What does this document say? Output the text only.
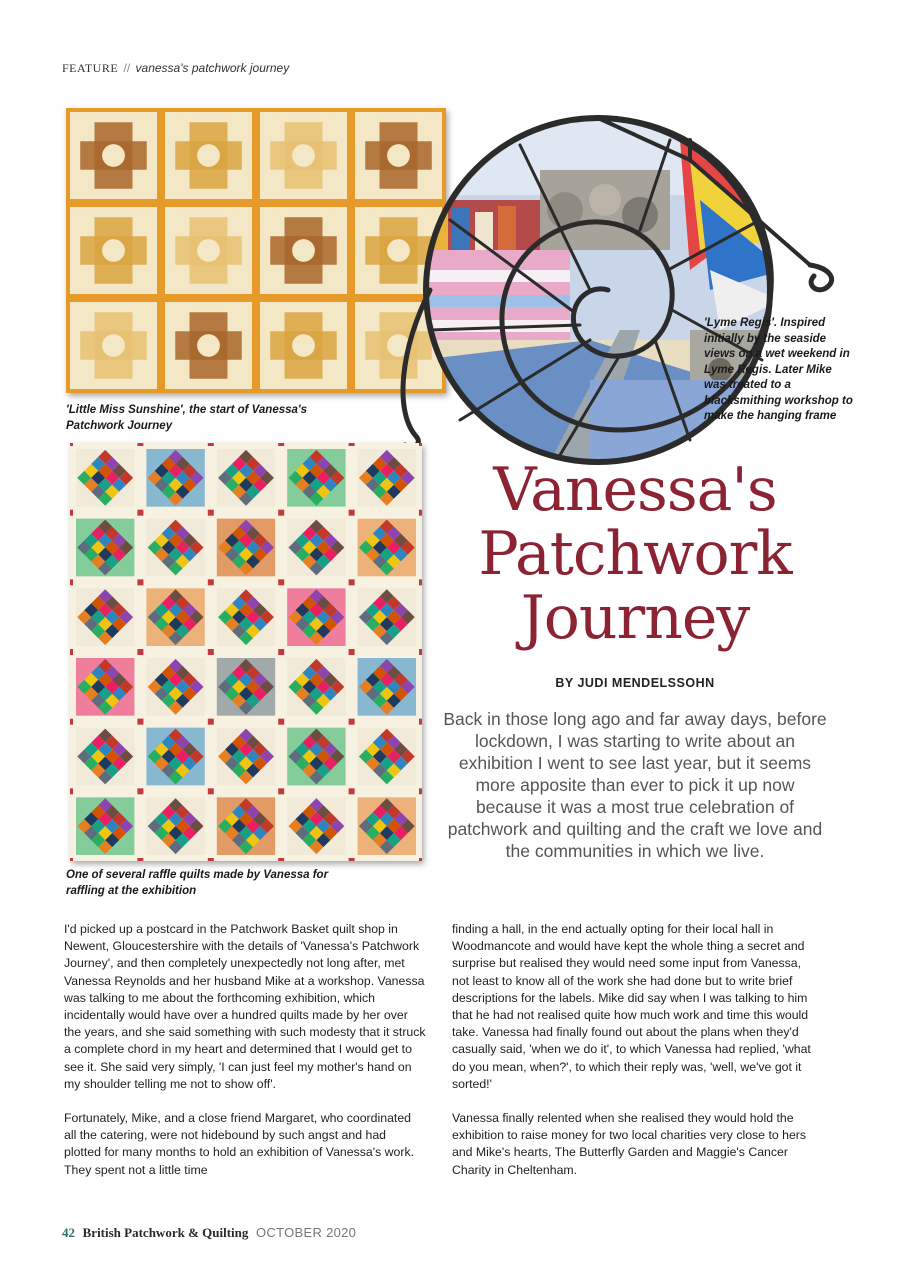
FEATURE // vanessa's patchwork journey
'Little Miss Sunshine', the start of Vanessa's Patchwork Journey
'Lyme Regis'. Inspired initially by the seaside views on a wet weekend in Lyme Regis. Later Mike was treated to a blacksmithing workshop to make the hanging frame
One of several raffle quilts made by Vanessa for raffling at the exhibition
Vanessa's
Patchwork
Journey
BY JUDI MENDELSSOHN
Back in those long ago and far away days, before lockdown, I was starting to write about an exhibition I went to see last year, but it seems more apposite than ever to pick it up now because it was a most true celebration of patchwork and quilting and the craft we love and the communities in which we live.

I'd picked up a postcard in the Patchwork Basket quilt shop in Newent, Gloucestershire with the details of 'Vanessa's Patchwork Journey', and then completely unexpectedly not long after, met Vanessa Reynolds and her husband Mike at a workshop. Vanessa was talking to me about the forthcoming exhibition, which incidentally would have over a hundred quilts made by her over the years, and she said something with such modesty that it struck a complete chord in my heart and determined that I would get to see it. She said very simply, 'I can just feel my mother's hand on my shoulder telling me not to show off'.

Fortunately, Mike, and a close friend Margaret, who coordinated all the catering, were not hidebound by such angst and had plotted for many months to hold an exhibition of Vanessa's work. They spent not a little time

finding a hall, in the end actually opting for their local hall in Woodmancote and would have kept the whole thing a secret and surprise but realised they would need some input from Vanessa, not least to know all of the work she had done but to write brief descriptions for the labels. Mike did say when I was talking to him that he had not realised quite how much work and time this would take. Vanessa had finally found out about the plans when they'd casually said, 'when we do it', to which Vanessa had replied, 'what do you mean, when?', to which their reply was, 'well, we've got it sorted!'

Vanessa finally relented when she realised they would hold the exhibition to raise money for two local charities very close to hers and Mike's hearts, The Butterfly Garden and Maggie's Cancer Charity in Cheltenham.

42 British Patchwork & Quilting OCTOBER 2020
